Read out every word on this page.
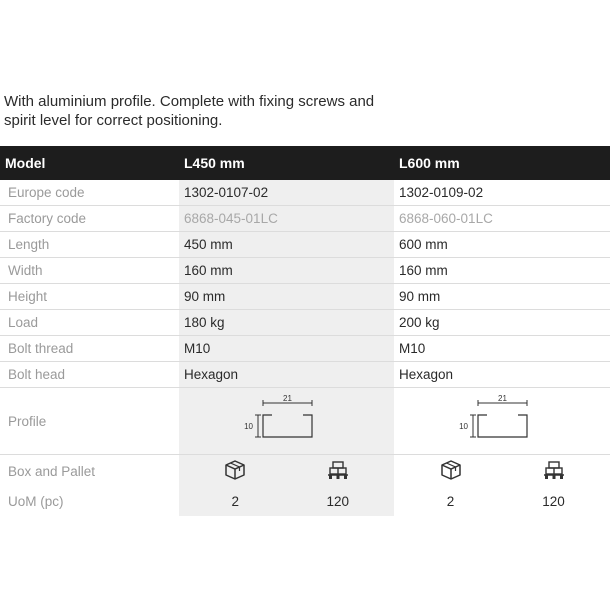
With aluminium profile. Complete with fixing screws and
spirit level for correct positioning.
Model	L450 mm	L600 mm
Europe code	1302-0107-02	1302-0109-02
Factory code	6868-045-01LC	6868-060-01LC
Length	450 mm	600 mm
Width	160 mm	160 mm
Height	90 mm	90 mm
Load	180 kg	200 kg
Bolt thread	M10	M10
Bolt head	Hexagon	Hexagon
Profile	21
10	21
10

Box and Pallet	

UoM (pc)	2 120	2 120
